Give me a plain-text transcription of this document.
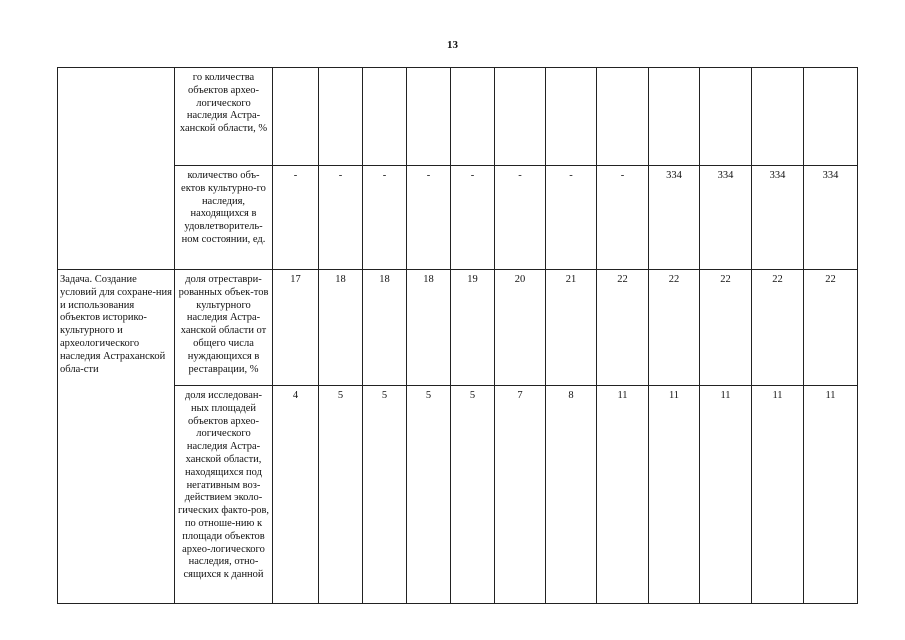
13
	го количества объектов архео-логического наследия Астра-ханской области, %												
	количество объ-ектов культурно-го наследия, находящихся в удовлетворитель-ном состоянии, ед.	-	-	-	-	-	-	-	-	334	334	334	334
Задача. Создание условий для сохране-ния и использования объектов историко-культурного и археологического наследия Астраханской обла-сти	доля отреставри-рованных объек-тов культурного наследия Астра-ханской области от общего числа нуждающихся в реставрации, %	17	18	18	18	19	20	21	22	22	22	22	22
	доля исследован-ных площадей объектов архео-логического наследия Астра-ханской области, находящихся под негативным воз-действием эколо-гических факто-ров, по отноше-нию к площади объектов архео-логического наследия, отно-сящихся к данной	4	5	5	5	5	7	8	11	11	11	11	11
